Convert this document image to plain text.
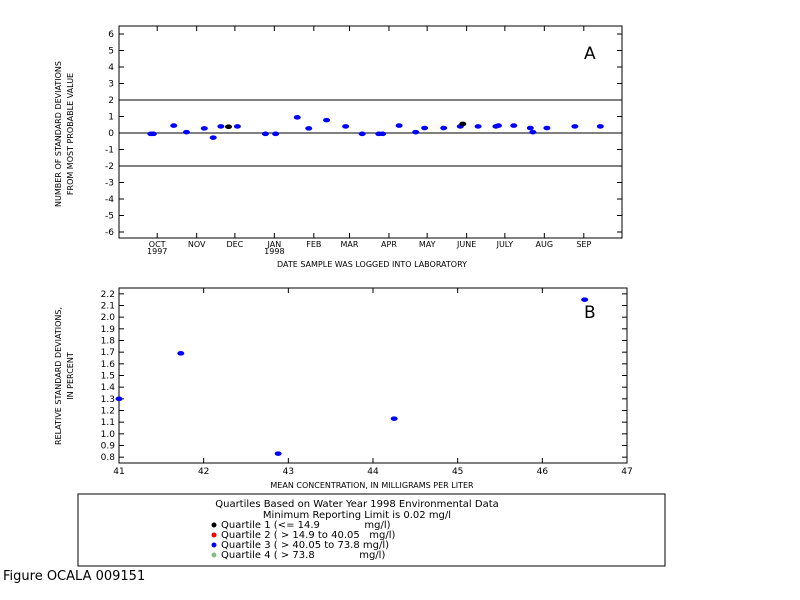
-6
-5
-4
-3
-2
-1
0
1
2
3
4
5
6
OCT
1997
NOV	DEC	JAN
1998
FEB MAR	APR	MAY	JUNE	JULY	AUG	SEP
A
NUMBER OF STANDARD DEVIATIONS FROM MOST PROBABLE VALUE
DATE SAMPLE WAS LOGGED INTO LABORATORY
0.8
0.9
1.0
1.1
1.2
1.3
1.4
1.5
1.6
1.7
1.8
1.9
2.0
2.1
2.2
41	42	43	44	45	46	47
B
RELATIVE STANDARD DEVIATIONS, IN PERCENT
MEAN CONCENTRATION, IN MILLIGRAMS PER LITER
Quartiles Based on Water Year 1998 Environmental Data
Minimum Reporting Limit is 0.02 mg/l
Quartile 1 (<= 14.9              mg/l)
Quartile 2 ( > 14.9 to 40.05   mg/l)
Quartile 3 ( > 40.05 to 73.8 mg/l)
Quartile 4 ( > 73.8              mg/l)
Figure OCALA 009151
